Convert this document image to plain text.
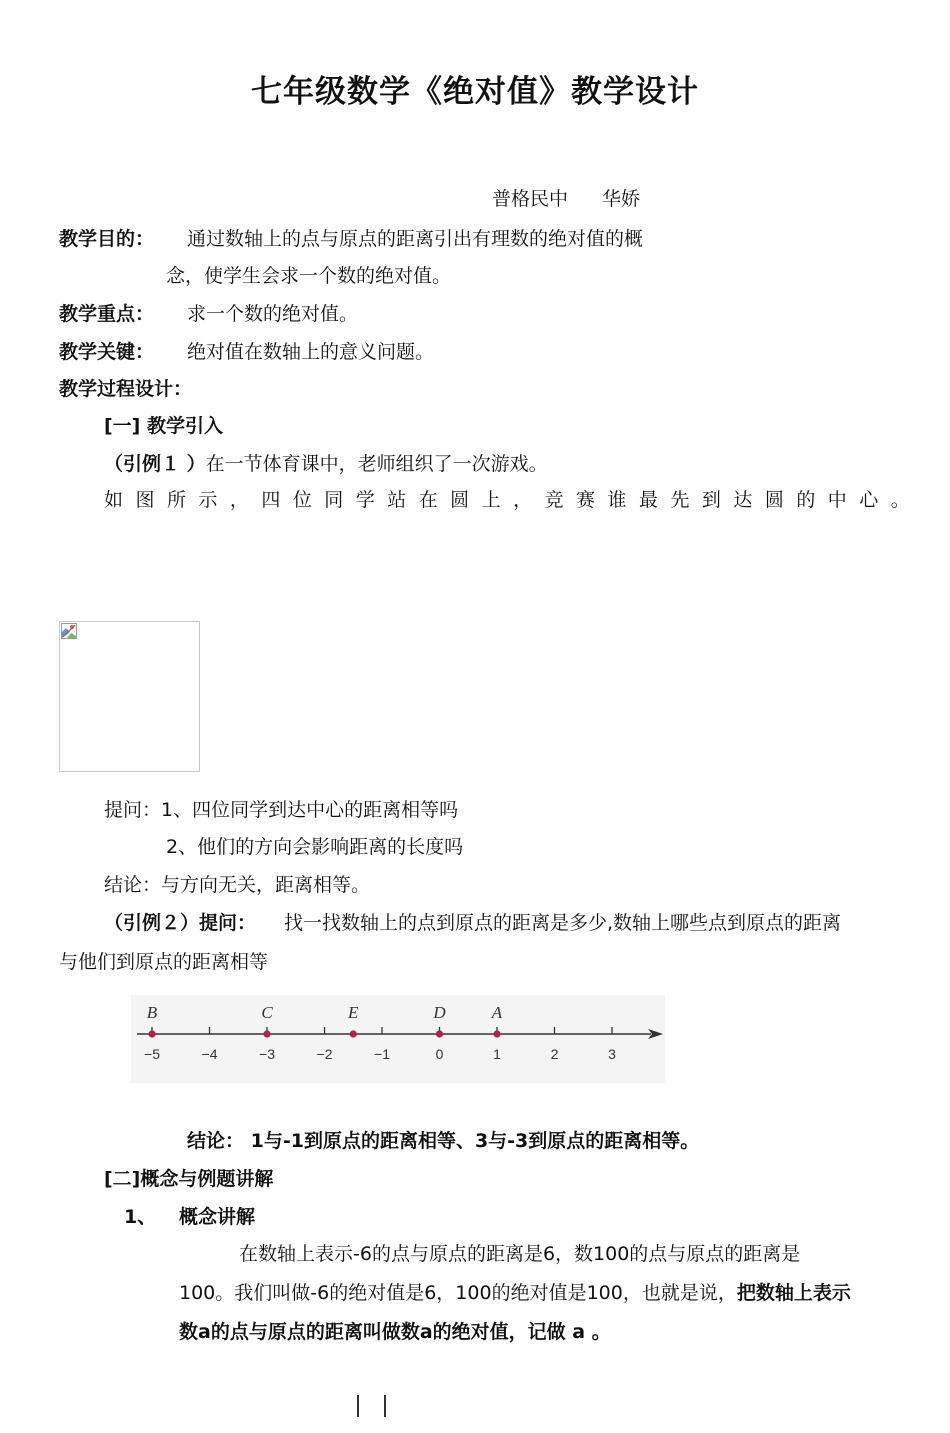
七年级数学《绝对值》教学设计
普格民中 华娇
教学目的： 通过数轴上的点与原点的距离引出有理数的绝对值的概
念，使学生会求一个数的绝对值。
教学重点： 求一个数的绝对值。
教学关键： 绝对值在数轴上的意义问题。
教学过程设计：
[一] 教学引入
（引例１ ）在一节体育课中，老师组织了一次游戏。
如 图 所 示 ， 四 位 同 学 站 在 圆 上 ， 竞 赛 谁 最 先 到 达 圆 的 中 心 。
提问：1、四位同学到达中心的距离相等吗
2、他们的方向会影响距离的长度吗
结论：与方向无关，距离相等。
（引例２）提问： 找一找数轴上的点到原点的距离是多少,数轴上哪些点到原点的距离
与他们到原点的距离相等
−5	−4	−3	−2	−1	0	1	2	3
B	C	E	D	A
结论： 1与-1到原点的距离相等、3与-3到原点的距离相等。
[二]概念与例题讲解
1、 概念讲解
在数轴上表示-6的点与原点的距离是6，数100的点与原点的距离是
100。我们叫做-6的绝对值是6，100的绝对值是100，也就是说，把数轴上表示
数a的点与原点的距离叫做数a的绝对值，记做 a 。
